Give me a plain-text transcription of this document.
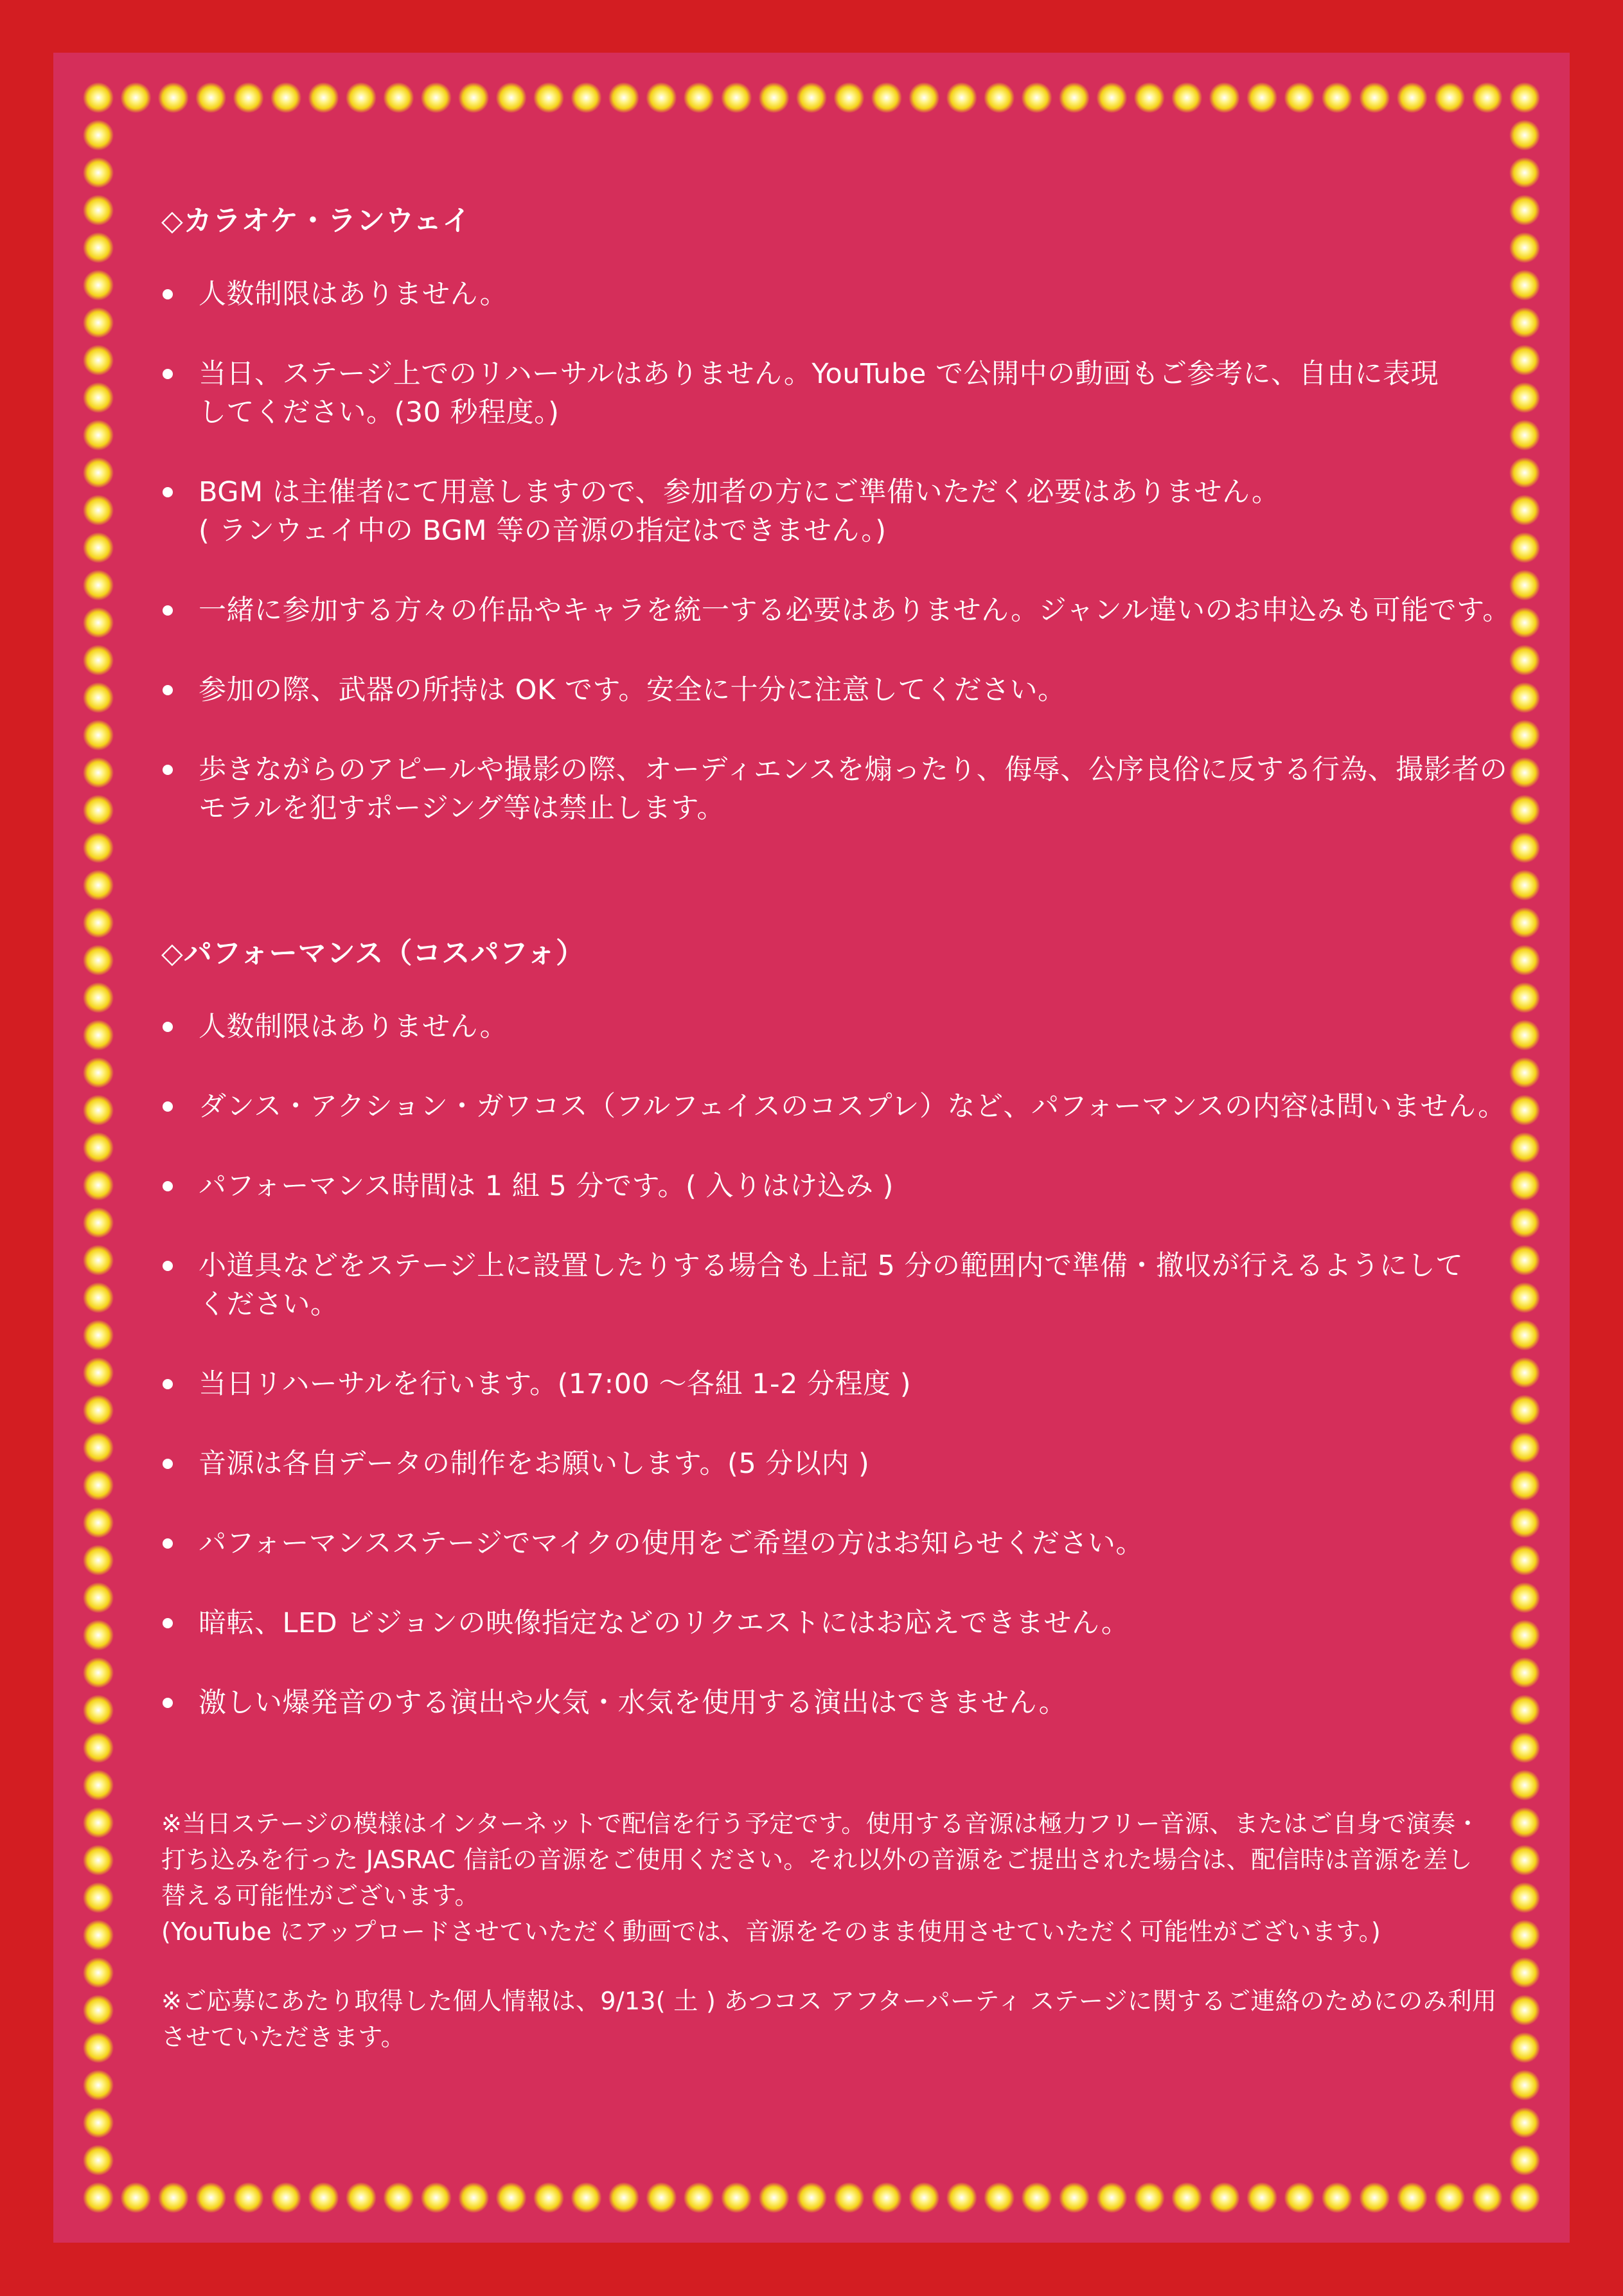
◇カラオケ・ランウェイ
人数制限はありません。
当日、ステージ上でのリハーサルはありません。YouTube で公開中の動画もご参考に、自由に表現
してください。(30 秒程度。)
BGM は主催者にて用意しますので、参加者の方にご準備いただく必要はありません。
( ランウェイ中の BGM 等の音源の指定はできません。)
一緒に参加する方々の作品やキャラを統一する必要はありません。ジャンル違いのお申込みも可能です。
参加の際、武器の所持は OK です。安全に十分に注意してください。
歩きながらのアピールや撮影の際、オーディエンスを煽ったり、侮辱、公序良俗に反する行為、撮影者の
モラルを犯すポージング等は禁止します。
◇パフォーマンス（コスパフォ）
人数制限はありません。
ダンス・アクション・ガワコス（フルフェイスのコスプレ）など、パフォーマンスの内容は問いません。
パフォーマンス時間は 1 組 5 分です。( 入りはけ込み )
小道具などをステージ上に設置したりする場合も上記 5 分の範囲内で準備・撤収が行えるようにして
ください。
当日リハーサルを行います。(17:00 ～各組 1-2 分程度 )
音源は各自データの制作をお願いします。(5 分以内 )
パフォーマンスステージでマイクの使用をご希望の方はお知らせください。
暗転、LED ビジョンの映像指定などのリクエストにはお応えできません。
激しい爆発音のする演出や火気・水気を使用する演出はできません。

※当日ステージの模様はインターネットで配信を行う予定です。使用する音源は極力フリー音源、またはご自身で演奏・
打ち込みを行った JASRAC 信託の音源をご使用ください。それ以外の音源をご提出された場合は、配信時は音源を差し
替える可能性がございます。
(YouTube にアップロードさせていただく動画では、音源をそのまま使用させていただく可能性がございます。)

※ご応募にあたり取得した個人情報は、9/13( 土 ) あつコス アフターパーティ ステージに関するご連絡のためにのみ利用
させていただきます。
